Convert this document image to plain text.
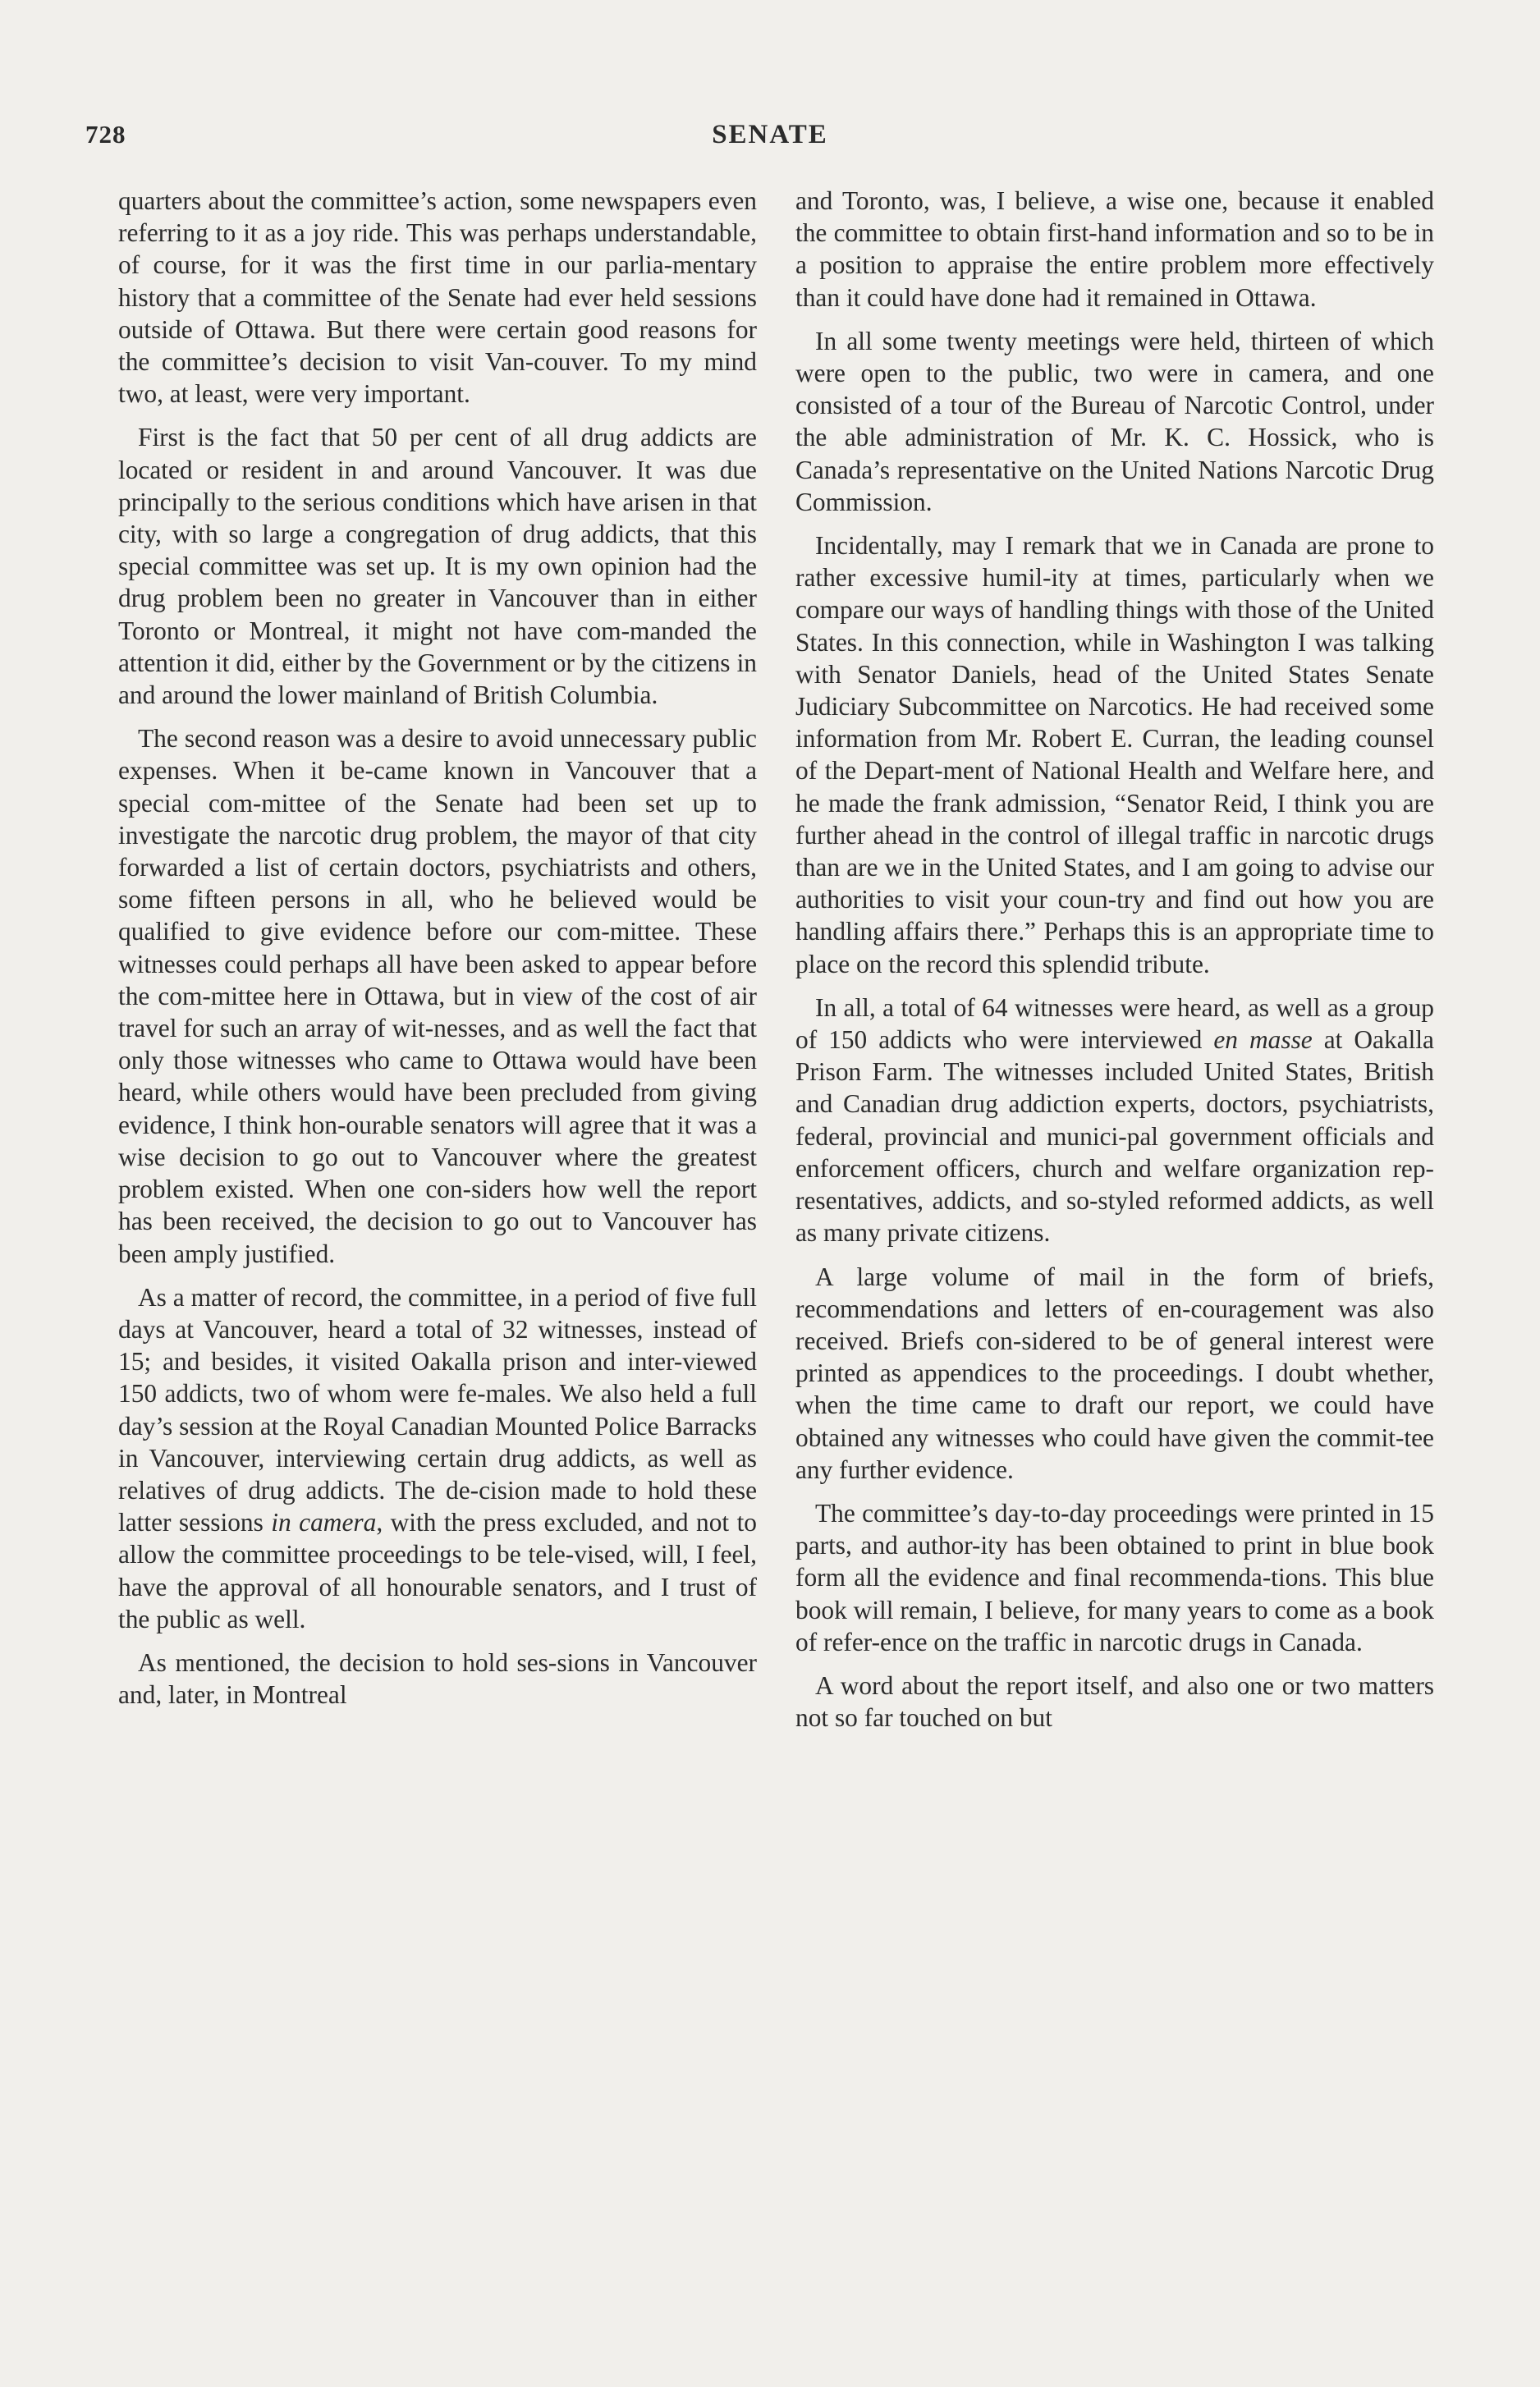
728	SENATE

quarters about the committee’s action, some newspapers even referring to it as a joy ride. This was perhaps understandable, of course, for it was the first time in our parlia-mentary history that a committee of the Senate had ever held sessions outside of Ottawa. But there were certain good reasons for the committee’s decision to visit Van-couver. To my mind two, at least, were very important.

First is the fact that 50 per cent of all drug addicts are located or resident in and around Vancouver. It was due principally to the serious conditions which have arisen in that city, with so large a congregation of drug addicts, that this special committee was set up. It is my own opinion had the drug problem been no greater in Vancouver than in either Toronto or Montreal, it might not have com-manded the attention it did, either by the Government or by the citizens in and around the lower mainland of British Columbia.

The second reason was a desire to avoid unnecessary public expenses. When it be-came known in Vancouver that a special com-mittee of the Senate had been set up to investigate the narcotic drug problem, the mayor of that city forwarded a list of certain doctors, psychiatrists and others, some fifteen persons in all, who he believed would be qualified to give evidence before our com-mittee. These witnesses could perhaps all have been asked to appear before the com-mittee here in Ottawa, but in view of the cost of air travel for such an array of wit-nesses, and as well the fact that only those witnesses who came to Ottawa would have been heard, while others would have been precluded from giving evidence, I think hon-ourable senators will agree that it was a wise decision to go out to Vancouver where the greatest problem existed. When one con-siders how well the report has been received, the decision to go out to Vancouver has been amply justified.

As a matter of record, the committee, in a period of five full days at Vancouver, heard a total of 32 witnesses, instead of 15; and besides, it visited Oakalla prison and inter-viewed 150 addicts, two of whom were fe-males. We also held a full day’s session at the Royal Canadian Mounted Police Barracks in Vancouver, interviewing certain drug addicts, as well as relatives of drug addicts. The de-cision made to hold these latter sessions in camera, with the press excluded, and not to allow the committee proceedings to be tele-vised, will, I feel, have the approval of all honourable senators, and I trust of the public as well.

As mentioned, the decision to hold ses-sions in Vancouver and, later, in Montreal

and Toronto, was, I believe, a wise one, because it enabled the committee to obtain first-hand information and so to be in a position to appraise the entire problem more effectively than it could have done had it remained in Ottawa.

In all some twenty meetings were held, thirteen of which were open to the public, two were in camera, and one consisted of a tour of the Bureau of Narcotic Control, under the able administration of Mr. K. C. Hossick, who is Canada’s representative on the United Nations Narcotic Drug Commission.

Incidentally, may I remark that we in Canada are prone to rather excessive humil-ity at times, particularly when we compare our ways of handling things with those of the United States. In this connection, while in Washington I was talking with Senator Daniels, head of the United States Senate Judiciary Subcommittee on Narcotics. He had received some information from Mr. Robert E. Curran, the leading counsel of the Depart-ment of National Health and Welfare here, and he made the frank admission, “Senator Reid, I think you are further ahead in the control of illegal traffic in narcotic drugs than are we in the United States, and I am going to advise our authorities to visit your coun-try and find out how you are handling affairs there.” Perhaps this is an appropriate time to place on the record this splendid tribute.

In all, a total of 64 witnesses were heard, as well as a group of 150 addicts who were interviewed en masse at Oakalla Prison Farm. The witnesses included United States, British and Canadian drug addiction experts, doctors, psychiatrists, federal, provincial and munici-pal government officials and enforcement officers, church and welfare organization rep-resentatives, addicts, and so-styled reformed addicts, as well as many private citizens.

A large volume of mail in the form of briefs, recommendations and letters of en-couragement was also received. Briefs con-sidered to be of general interest were printed as appendices to the proceedings. I doubt whether, when the time came to draft our report, we could have obtained any witnesses who could have given the commit-tee any further evidence.

The committee’s day-to-day proceedings were printed in 15 parts, and author-ity has been obtained to print in blue book form all the evidence and final recommenda-tions. This blue book will remain, I believe, for many years to come as a book of refer-ence on the traffic in narcotic drugs in Canada.

A word about the report itself, and also one or two matters not so far touched on but
